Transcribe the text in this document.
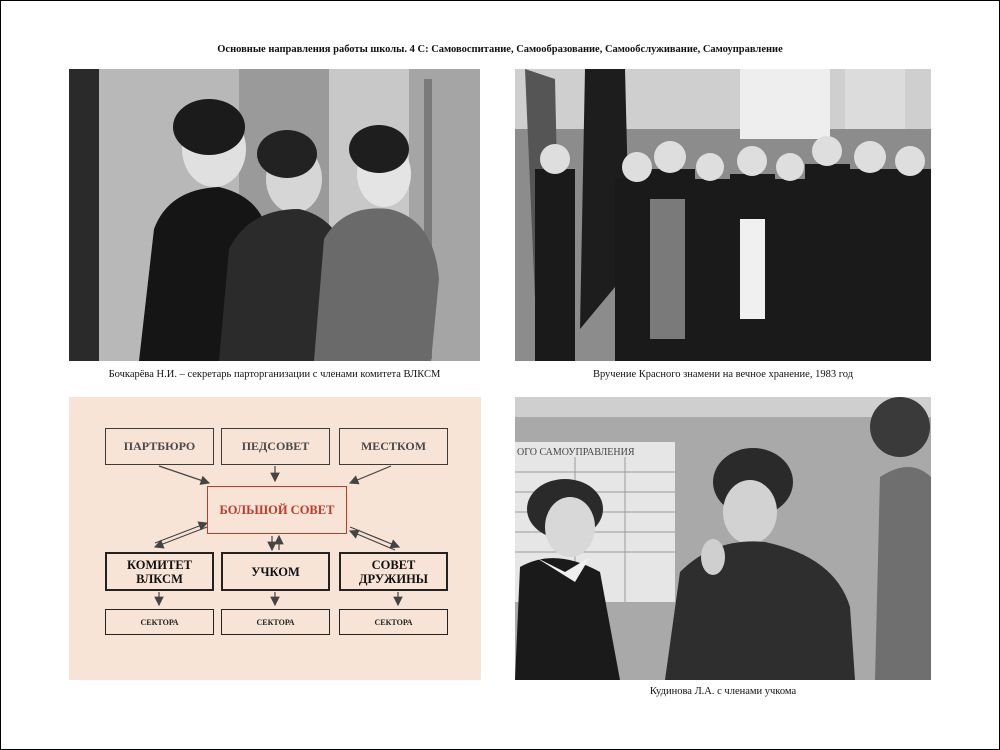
Основные направления работы школы. 4 С: Самовоспитание, Самообразование, Самообслуживание, Самоуправление
Бочкарёва Н.И. – секретарь парторганизации с членами комитета ВЛКСМ	Вручение Красного знамени на вечное хранение, 1983 год
ПАРТБЮРО	ПЕДСОВЕТ	МЕСТКОМ
БОЛЬШОЙ СОВЕТ
КОМИТЕТ ВЛКСМ	УЧКОМ	СОВЕТ ДРУЖИНЫ
СЕКТОРА	СЕКТОРА	СЕКТОРА
ОГО САМОУПРАВЛЕНИЯ
Кудинова Л.А. с членами учкома
